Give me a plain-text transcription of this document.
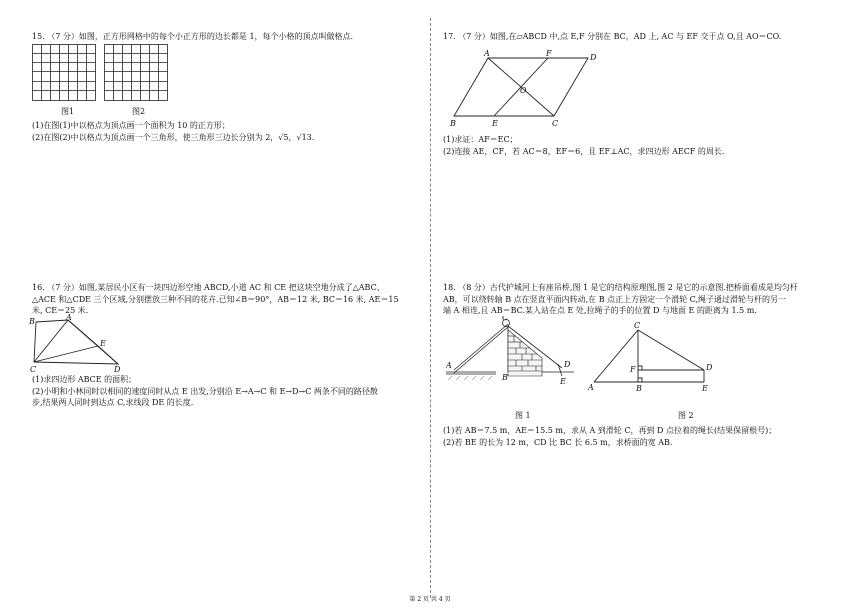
15. （7 分）如图，正方形网格中的每个小正方形的边长都是 1，每个小格的顶点叫做格点.

图1	图2

(1)在图(1)中以格点为顶点画一个面积为 10 的正方形；

(2)在图(2)中以格点为顶点画一个三角形，使三角形三边长分别为 2，√5，√13.

16. （7 分）如图,某居民小区有一块四边形空地 ABCD,小道 AC 和 CE 把这块空地分成了△ABC、

△ACE 和△CDE 三个区域,分别摆放三种不同的花卉.已知∠B＝90°，AB＝12 米, BC＝16 米, AE＝15

米, CE＝25 米.

B	A
E
C	D

(1)求四边形 ABCE 的面积；

(2)小明和小林同时以相同的速度同时从点 E 出发,分别沿 E→A→C 和 E→D→C 两条不同的路径散

步,结果两人同时到达点 C,求线段 DE 的长度.

17. （7 分）如图,在▱ABCD 中,点 E,F 分别在 BC，AD 上, AC 与 EF 交于点 O,且 AO＝CO.

A	F	D
O
B	E	C

(1)求证：AF＝EC；

(2)连接 AE，CF，若 AC＝8，EF＝6，且 EF⊥AC，求四边形 AECF 的周长.

18. （8 分）古代护城河上有座吊桥,图 1 是它的结构原理图,图 2 是它的示意图.把桥面看成是均匀杆

AB，可以绕转轴 B 点在竖直平面内转动,在 B 点正上方固定一个滑轮 C,绳子通过滑轮与杆的另一

端 A 相连,且 AB＝BC.某人站在点 E 处,拉绳子的手的位置 D 与地面 E 的距离为 1.5 m.

C
A
B
D
E
C
F	D
A	B	E
图 1	图 2

(1)若 AB＝7.5 m，AE＝15.5 m，求从 A 到滑轮 C，再到 D 点拉着的绳长(结果保留根号)；

(2)若 BE 的长为 12 m，CD 比 BC 长 6.5 m，求桥面的宽 AB.

第 2 页 共 4 页
